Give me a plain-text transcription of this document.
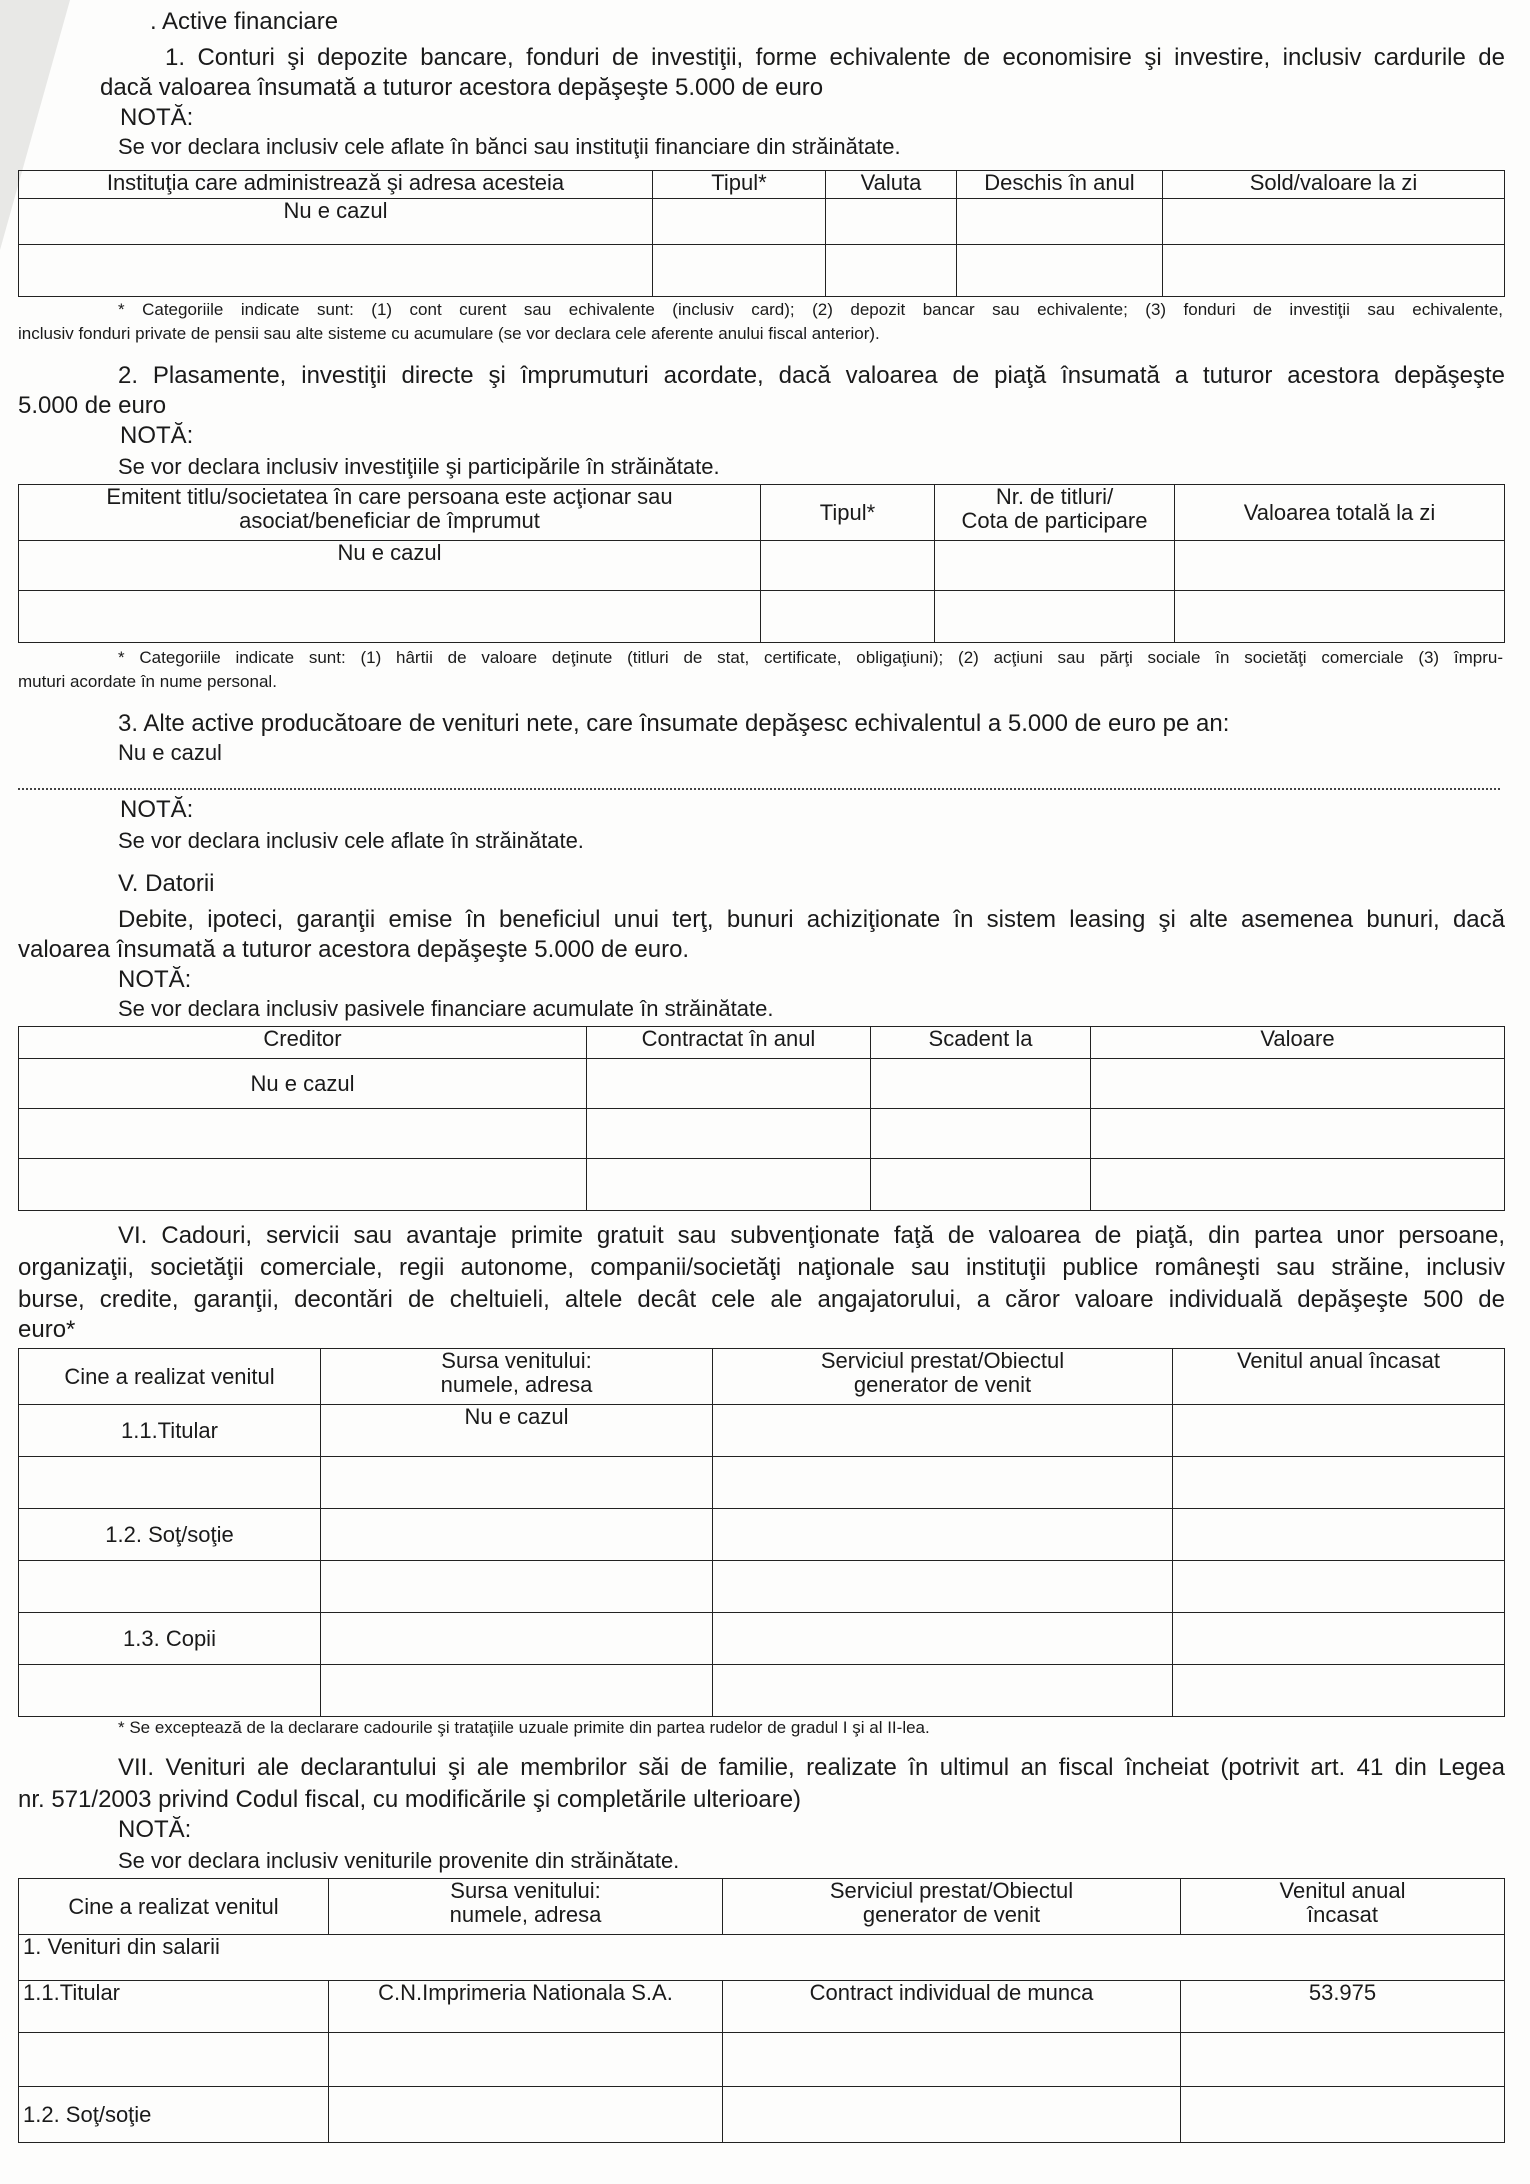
. Active financiare
1. Conturi şi depozite bancare, fonduri de investiţii, forme echivalente de economisire şi investire, inclusiv cardurile de
dacă valoarea însumată a tuturor acestora depăşeşte 5.000 de euro
NOTĂ:
Se vor declara inclusiv cele aflate în bănci sau instituţii financiare din străinătate.
Instituţia care administrează şi adresa acesteia	Tipul*	Valuta	Deschis în anul	Sold/valoare la zi
Nu e cazul				

* Categoriile indicate sunt: (1) cont curent sau echivalente (inclusiv card); (2) depozit bancar sau echivalente; (3) fonduri de investiţii sau echivalente,
inclusiv fonduri private de pensii sau alte sisteme cu acumulare (se vor declara cele aferente anului fiscal anterior).
2. Plasamente, investiţii directe şi împrumuturi acordate, dacă valoarea de piaţă însumată a tuturor acestora depăşeşte
5.000 de euro
NOTĂ:
Se vor declara inclusiv investiţiile şi participările în străinătate.
Emitent titlu/societatea în care persoana este acţionar sau
asociat/beneficiar de împrumut	Tipul*	Nr. de titluri/
Cota de participare	Valoarea totală la zi
Nu e cazul			

* Categoriile indicate sunt: (1) hârtii de valoare deţinute (titluri de stat, certificate, obligaţiuni); (2) acţiuni sau părţi sociale în societăţi comerciale (3) împru-
muturi acordate în nume personal.
3. Alte active producătoare de venituri nete, care însumate depăşesc echivalentul a 5.000 de euro pe an:
Nu e cazul
NOTĂ:
Se vor declara inclusiv cele aflate în străinătate.
V. Datorii
Debite, ipoteci, garanţii emise în beneficiul unui terţ, bunuri achiziţionate în sistem leasing şi alte asemenea bunuri, dacă
valoarea însumată a tuturor acestora depăşeşte 5.000 de euro.
NOTĂ:
Se vor declara inclusiv pasivele financiare acumulate în străinătate.
Creditor	Contractat în anul	Scadent la	Valoare
Nu e cazul			

VI. Cadouri, servicii sau avantaje primite gratuit sau subvenţionate faţă de valoarea de piaţă, din partea unor persoane,
organizaţii, societăţii comerciale, regii autonome, companii/societăţi naţionale sau instituţii publice româneşti sau străine, inclusiv
burse, credite, garanţii, decontări de cheltuieli, altele decât cele ale angajatorului, a căror valoare individuală depăşeşte 500 de
euro*
Cine a realizat venitul	Sursa venitului:
numele, adresa	Serviciul prestat/Obiectul
generator de venit	Venitul anual încasat
1.1.Titular	Nu e cazul		

1.2. Soţ/soţie			

1.3. Copii			

* Se exceptează de la declarare cadourile şi trataţiile uzuale primite din partea rudelor de gradul I şi al II-lea.
VII. Venituri ale declarantului şi ale membrilor săi de familie, realizate în ultimul an fiscal încheiat (potrivit art. 41 din Legea
nr. 571/2003 privind Codul fiscal, cu modificările şi completările ulterioare)
NOTĂ:
Se vor declara inclusiv veniturile provenite din străinătate.
Cine a realizat venitul	Sursa venitului:
numele, adresa	Serviciul prestat/Obiectul
generator de venit	Venitul anual
încasat
1. Venituri din salarii			
1.1.Titular	C.N.Imprimeria Nationala S.A.	Contract individual de munca	53.975

1.2. Soţ/soţie			
